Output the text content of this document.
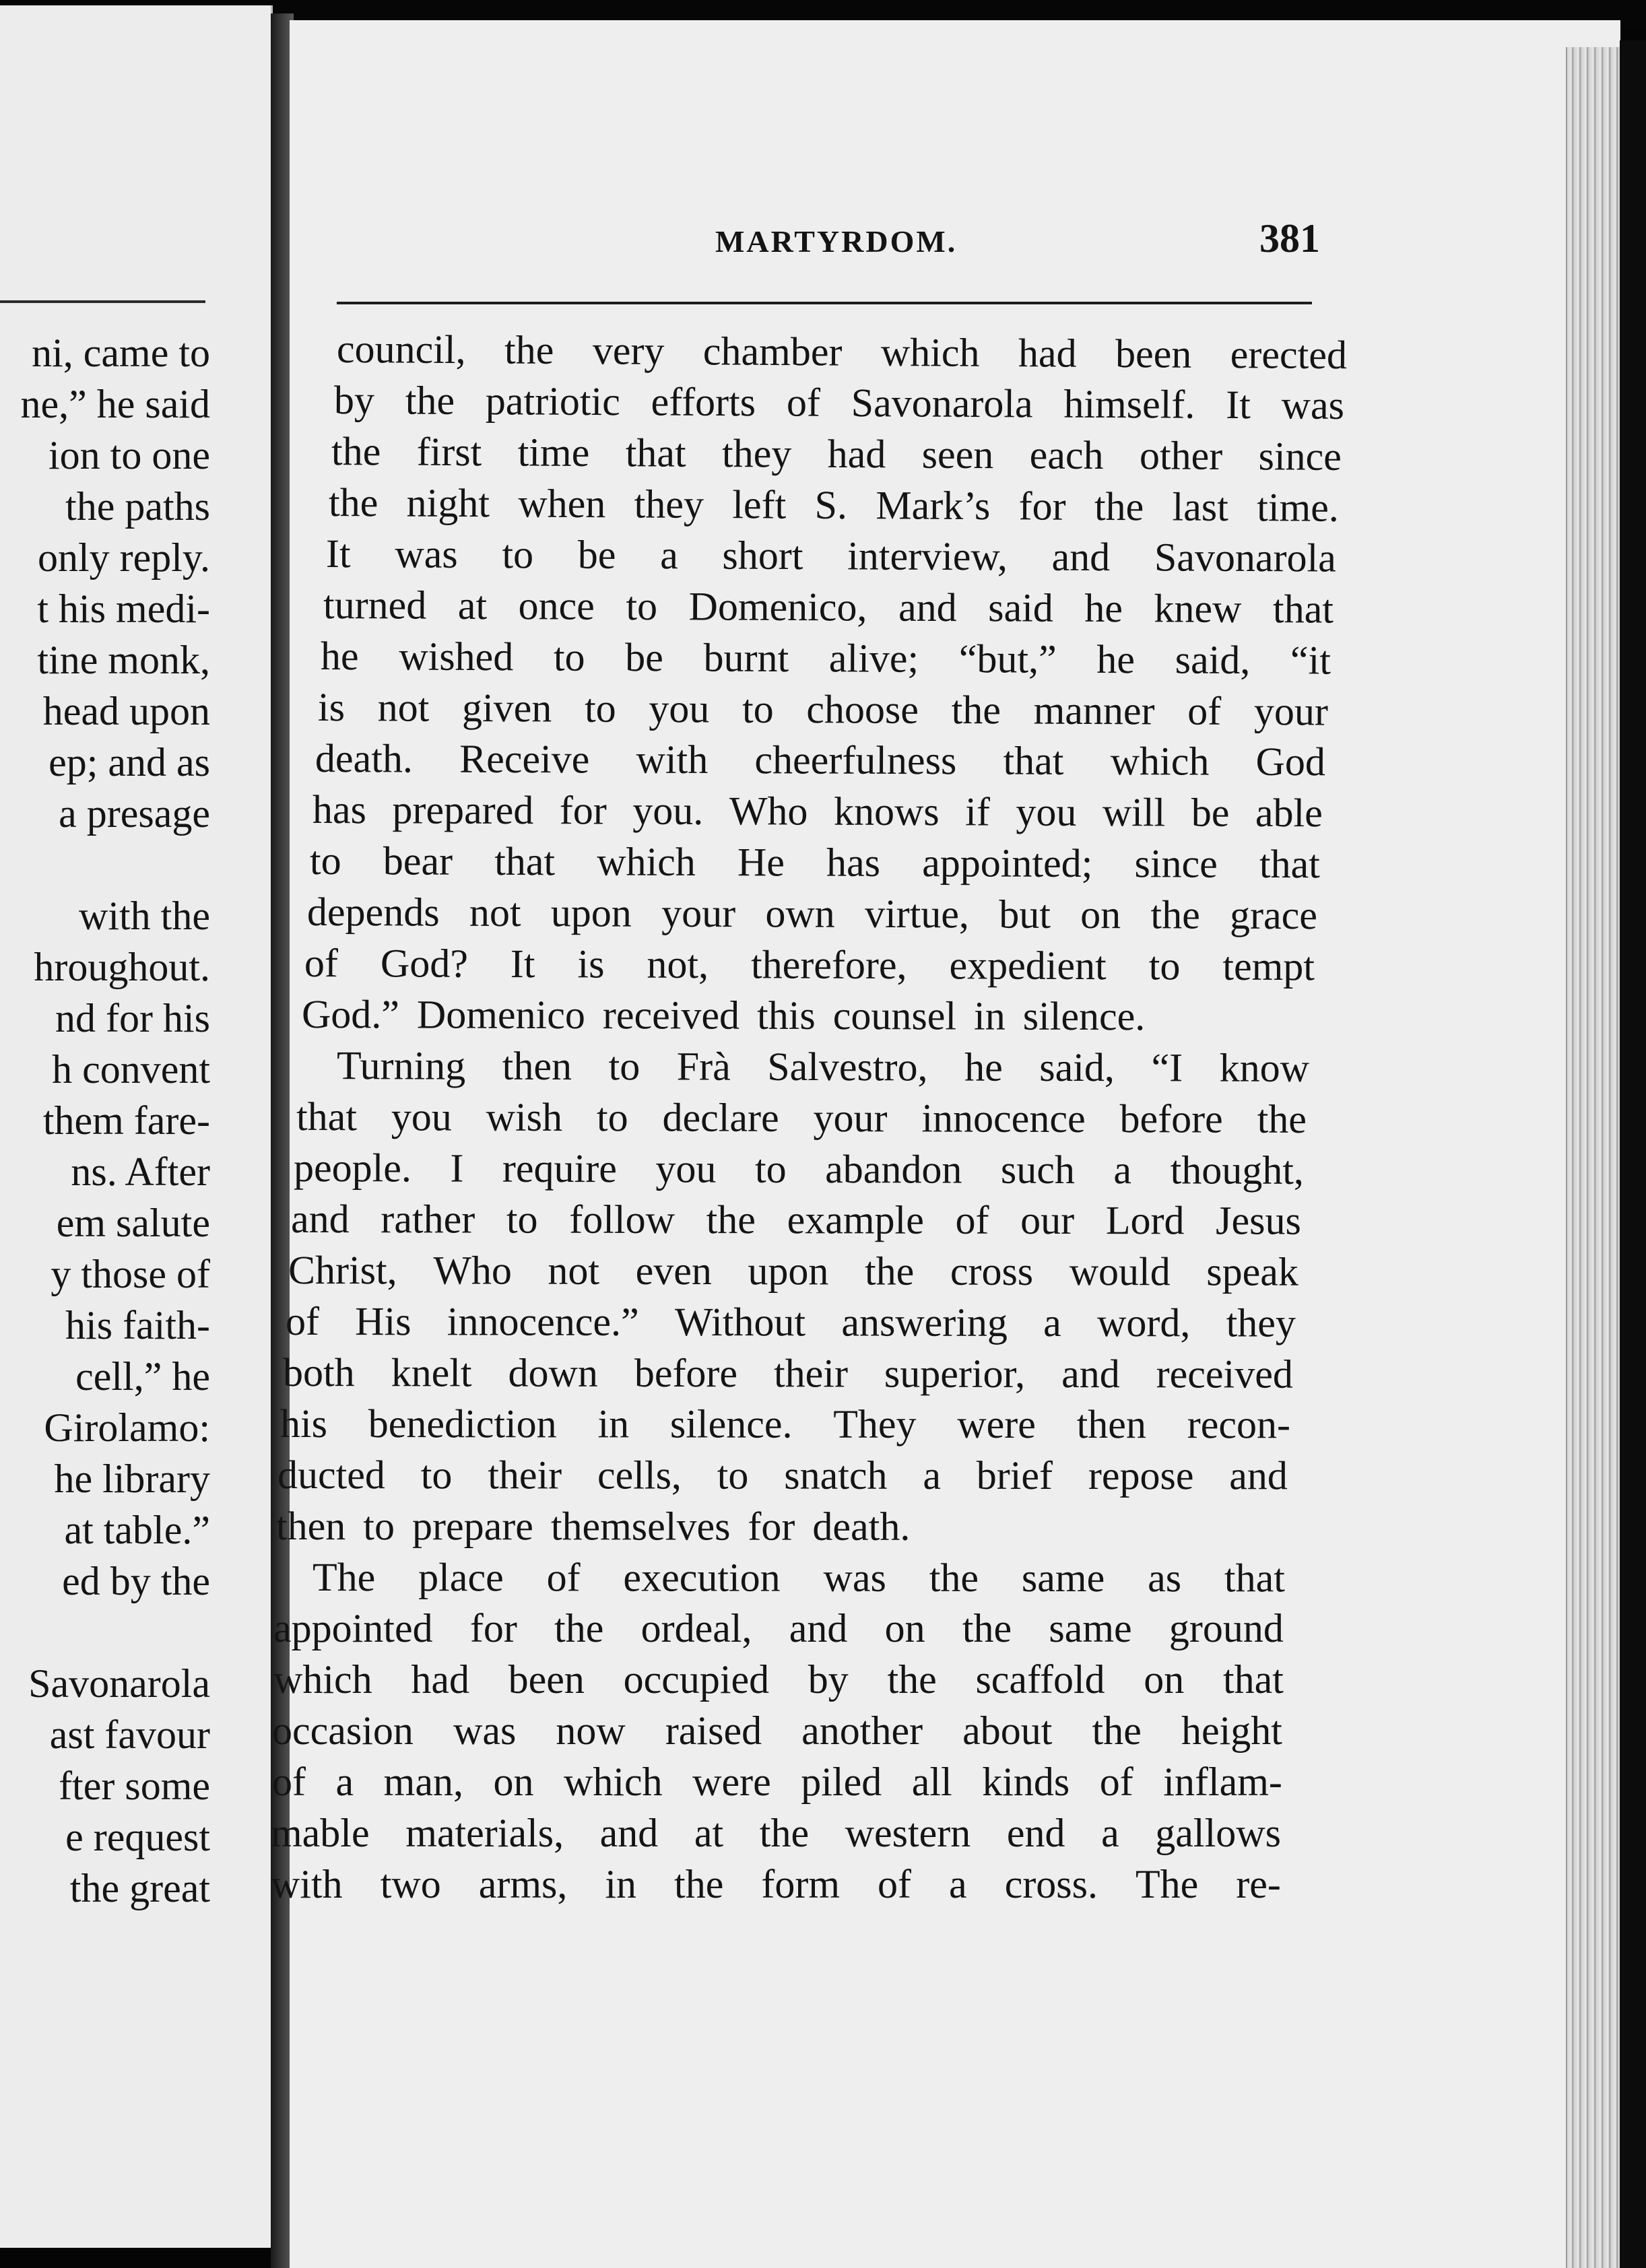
ni, came to
ne,” he said
ion to one
the paths
only reply.
t his medi-
tine monk,
head upon
ep; and as
a presage
with the
hroughout.
nd for his
h convent
them fare-
ns. After
em salute
y those of
his faith-
cell,” he
Girolamo:
he library
at table.”
ed by the
Savonarola
ast favour
fter some
e request
the great
MARTYRDOM.	381
council, the very chamber which had been erected
by the patriotic efforts of Savonarola himself. It was
the first time that they had seen each other since
the night when they left S. Mark’s for the last time.
It was to be a short interview, and Savonarola
turned at once to Domenico, and said he knew that
he wished to be burnt alive; “but,” he said, “it
is not given to you to choose the manner of your
death. Receive with cheerfulness that which God
has prepared for you. Who knows if you will be able
to bear that which He has appointed; since that
depends not upon your own virtue, but on the grace
of God? It is not, therefore, expedient to tempt
God.” Domenico received this counsel in silence.
Turning then to Frà Salvestro, he said, “I know
that you wish to declare your innocence before the
people. I require you to abandon such a thought,
and rather to follow the example of our Lord Jesus
Christ, Who not even upon the cross would speak
of His innocence.” Without answering a word, they
both knelt down before their superior, and received
his benediction in silence. They were then recon-
ducted to their cells, to snatch a brief repose and
then to prepare themselves for death.
The place of execution was the same as that
appointed for the ordeal, and on the same ground
which had been occupied by the scaffold on that
occasion was now raised another about the height
of a man, on which were piled all kinds of inflam-
mable materials, and at the western end a gallows
with two arms, in the form of a cross. The re-
